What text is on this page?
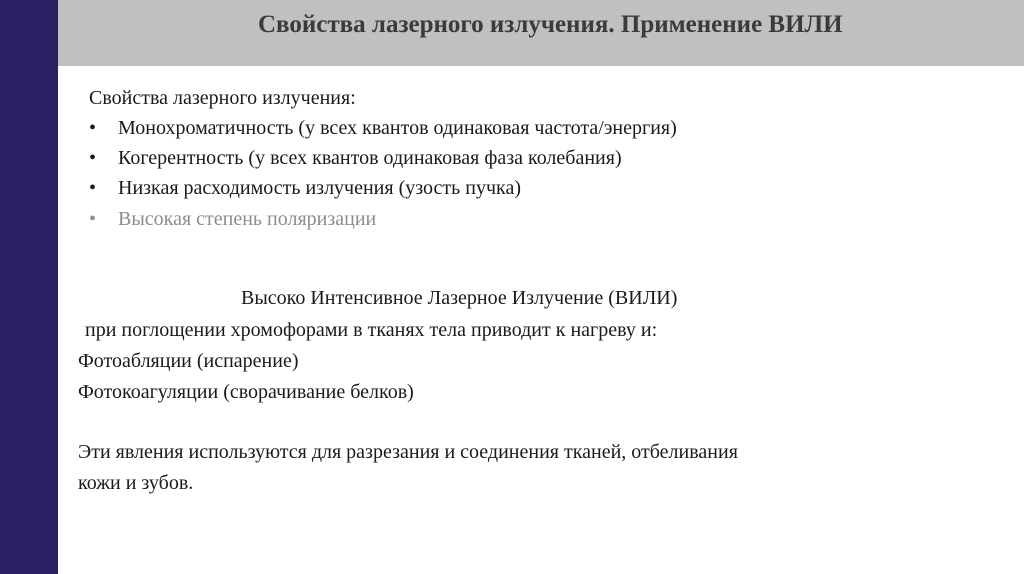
Свойства лазерного излучения. Применение ВИЛИ
Свойства лазерного излучения:
• Монохроматичность (у всех квантов одинаковая частота/энергия)
• Когерентность (у всех квантов одинаковая фаза колебания)
• Низкая расходимость излучения (узость пучка)
• Высокая степень поляризации
Высоко Интенсивное Лазерное Излучение (ВИЛИ)
при поглощении хромофорами в тканях тела приводит к нагреву и:
Фотоабляции (испарение)
Фотокоагуляции (сворачивание белков)
Эти явления используются для разрезания и соединения тканей, отбеливания
кожи и зубов.
